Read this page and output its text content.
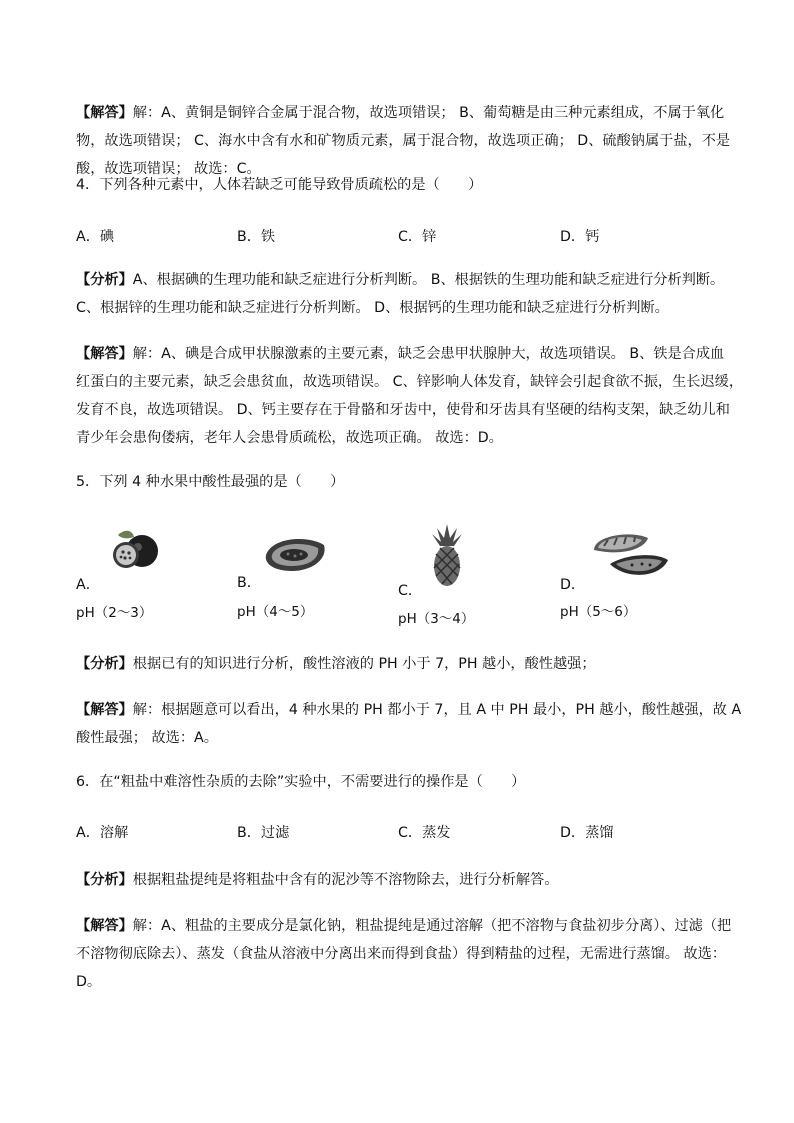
【解答】解：A、黄铜是铜锌合金属于混合物，故选项错误； B、葡萄糖是由三种元素组成，不属于氧化
物，故选项错误； C、海水中含有水和矿物质元素，属于混合物，故选项正确； D、硫酸钠属于盐，不是
酸，故选项错误； 故选：C。
4．下列各种元素中，人体若缺乏可能导致骨质疏松的是（　　）
A．碘	B．铁	C．锌	D．钙
【分析】A、根据碘的生理功能和缺乏症进行分析判断。 B、根据铁的生理功能和缺乏症进行分析判断。
C、根据锌的生理功能和缺乏症进行分析判断。 D、根据钙的生理功能和缺乏症进行分析判断。
【解答】解：A、碘是合成甲状腺激素的主要元素，缺乏会患甲状腺肿大，故选项错误。 B、铁是合成血
红蛋白的主要元素，缺乏会患贫血，故选项错误。 C、锌影响人体发育，缺锌会引起食欲不振，生长迟缓，
发育不良，故选项错误。 D、钙主要存在于骨骼和牙齿中，使骨和牙齿具有坚硬的结构支架，缺乏幼儿和
青少年会患佝偻病，老年人会患骨质疏松，故选项正确。 故选：D。
5．下列 4 种水果中酸性最强的是（　　）
A．
pH（2～3）
B．
pH（4～5）
C．
pH（3～4）
D．
pH（5～6）
【分析】根据已有的知识进行分析，酸性溶液的 PH 小于 7，PH 越小，酸性越强；
【解答】解：根据题意可以看出，4 种水果的 PH 都小于 7，且 A 中 PH 最小，PH 越小，酸性越强，故 A
酸性最强； 故选：A。
6．在“粗盐中难溶性杂质的去除”实验中，不需要进行的操作是（　　）
A．溶解	B．过滤	C．蒸发	D．蒸馏
【分析】根据粗盐提纯是将粗盐中含有的泥沙等不溶物除去，进行分析解答。
【解答】解：A、粗盐的主要成分是氯化钠，粗盐提纯是通过溶解（把不溶物与食盐初步分离）、过滤（把
不溶物彻底除去）、蒸发（食盐从溶液中分离出来而得到食盐）得到精盐的过程，无需进行蒸馏。 故选：
D。
